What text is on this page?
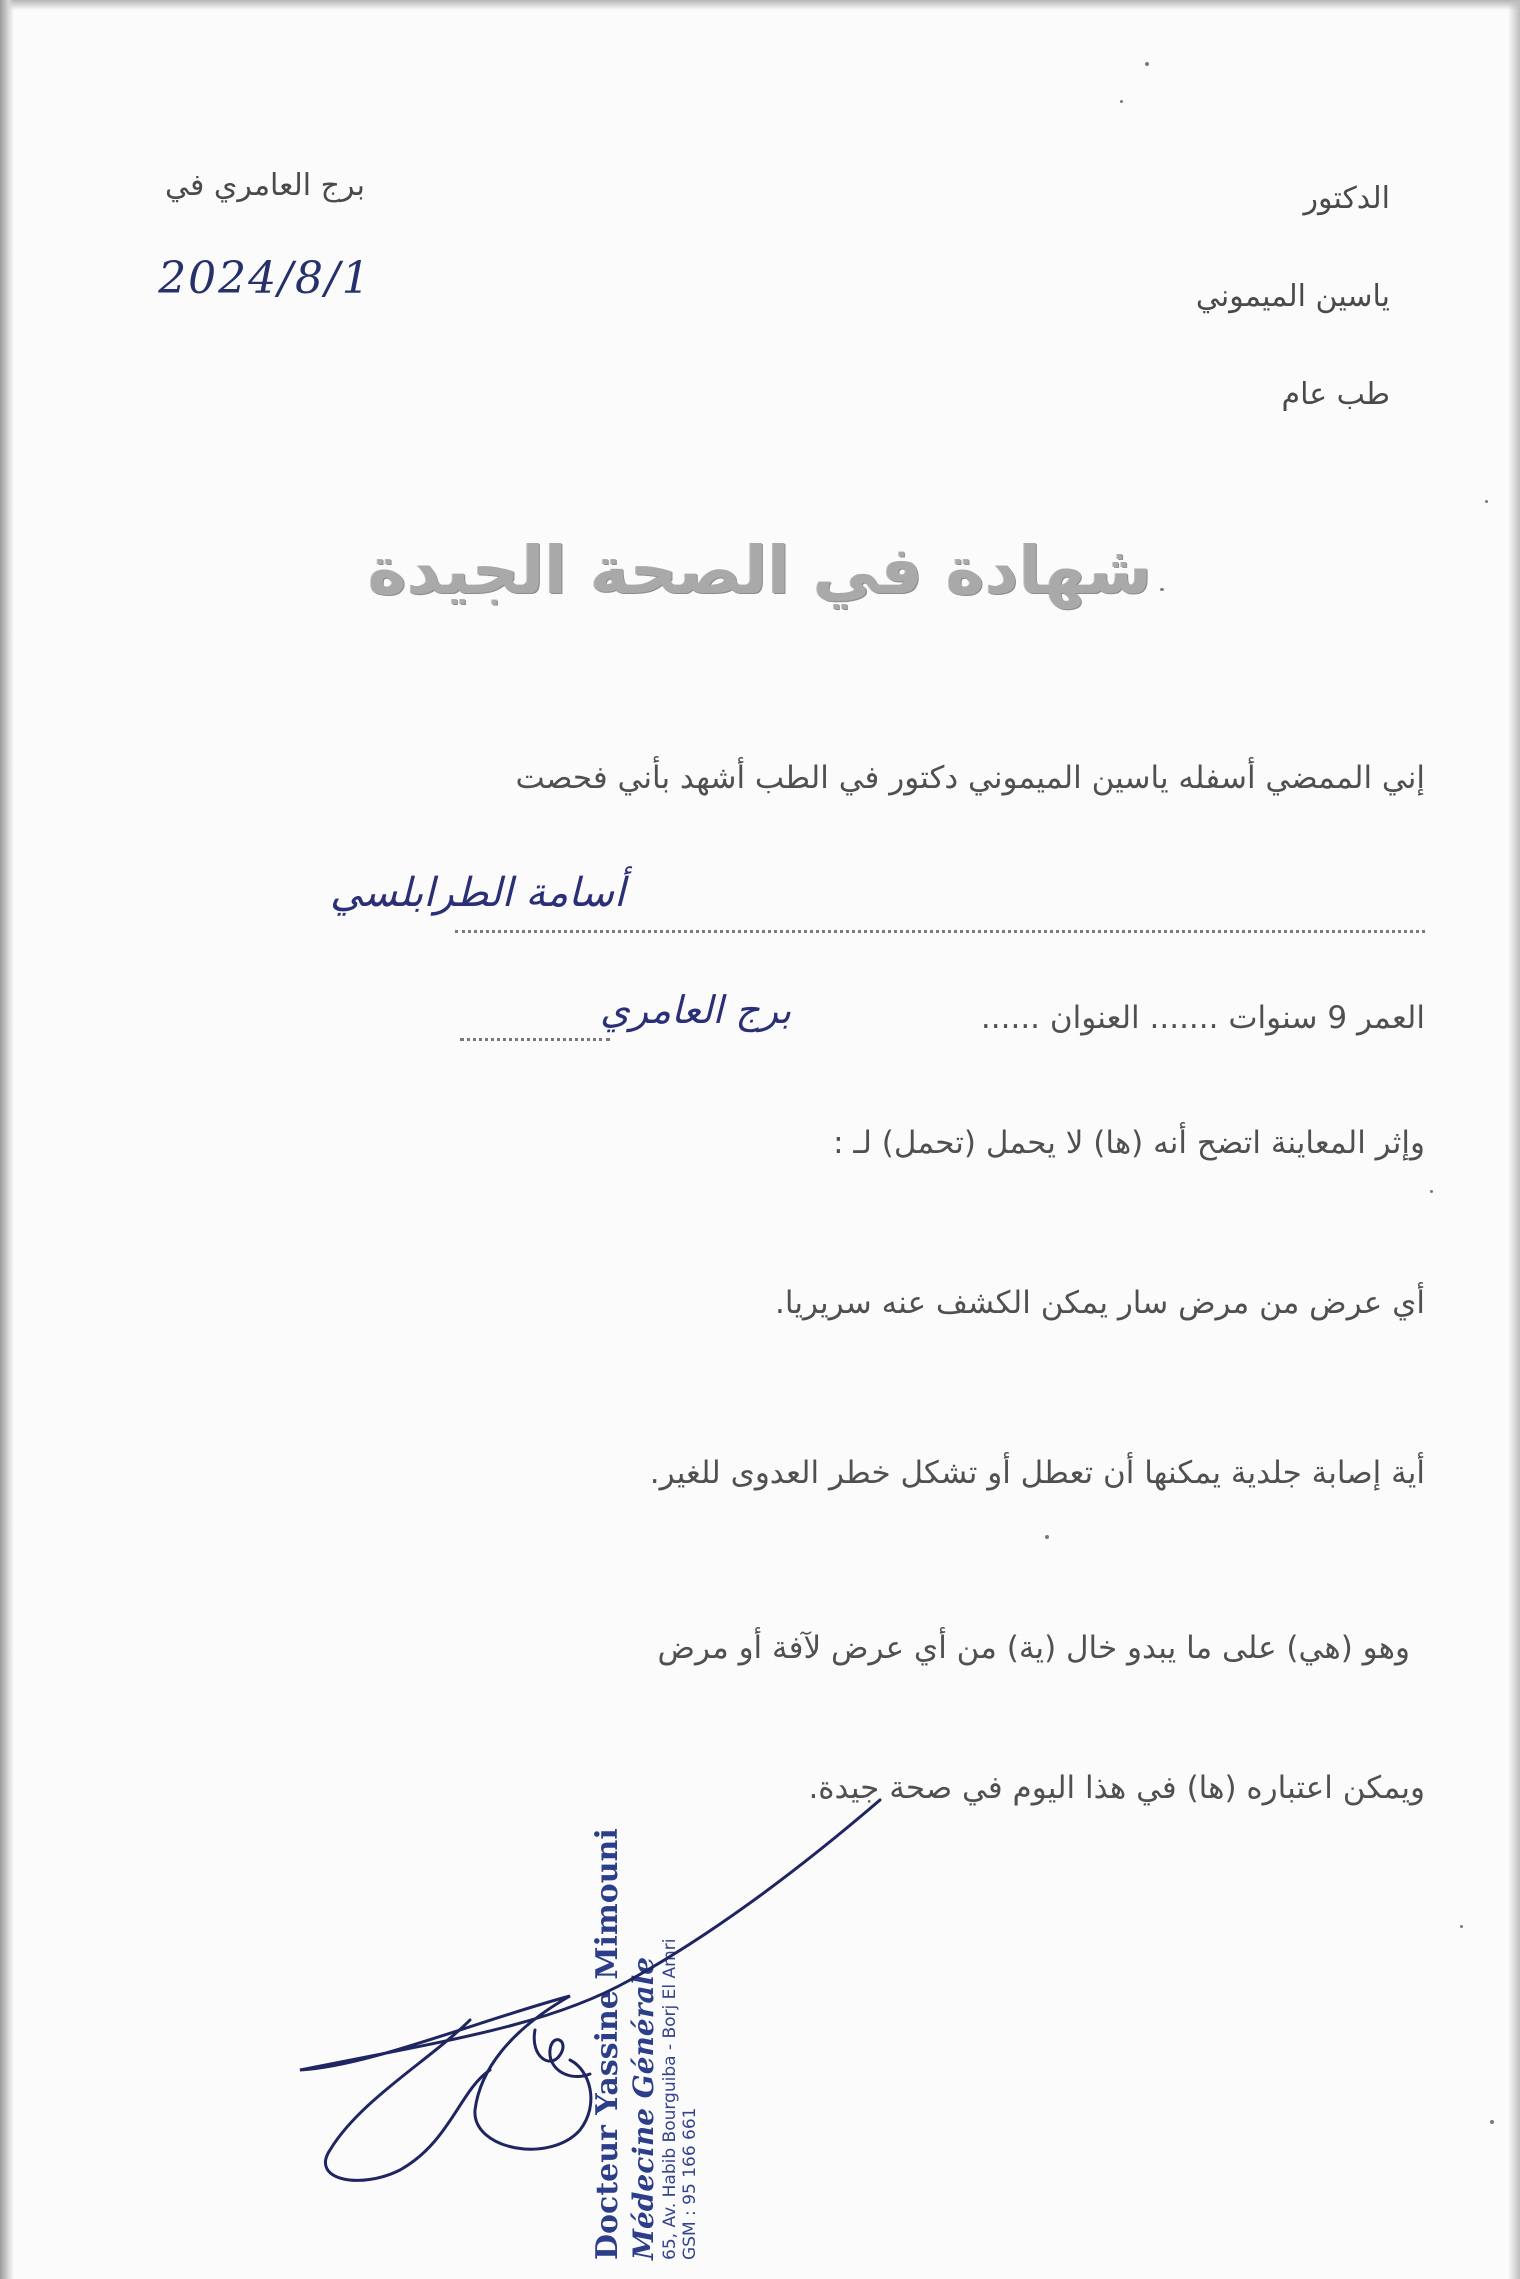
الدكتور
ياسين الميموني
طب عام
برج العامري في
2024/8/1
شهادة في الصحة الجيدة
إني الممضي أسفله ياسين الميموني دكتور في الطب أشهد بأني فحصت
أسامة الطرابلسي
العمر 9 سنوات ....... العنوان ......
برج العامري
وإثر المعاينة اتضح أنه (ها) لا يحمل (تحمل) لـ :
أي عرض من مرض سار يمكن الكشف عنه سريريا.
أية إصابة جلدية يمكنها أن تعطل أو تشكل خطر العدوى للغير.
وهو (هي) على ما يبدو خال (ية) من أي عرض لآفة أو مرض
ويمكن اعتباره (ها) في هذا اليوم في صحة جيدة.
Docteur Yassine Mimouni Médecine Générale 65, Av. Habib Bourguiba - Borj El Amri GSM : 95 166 661
